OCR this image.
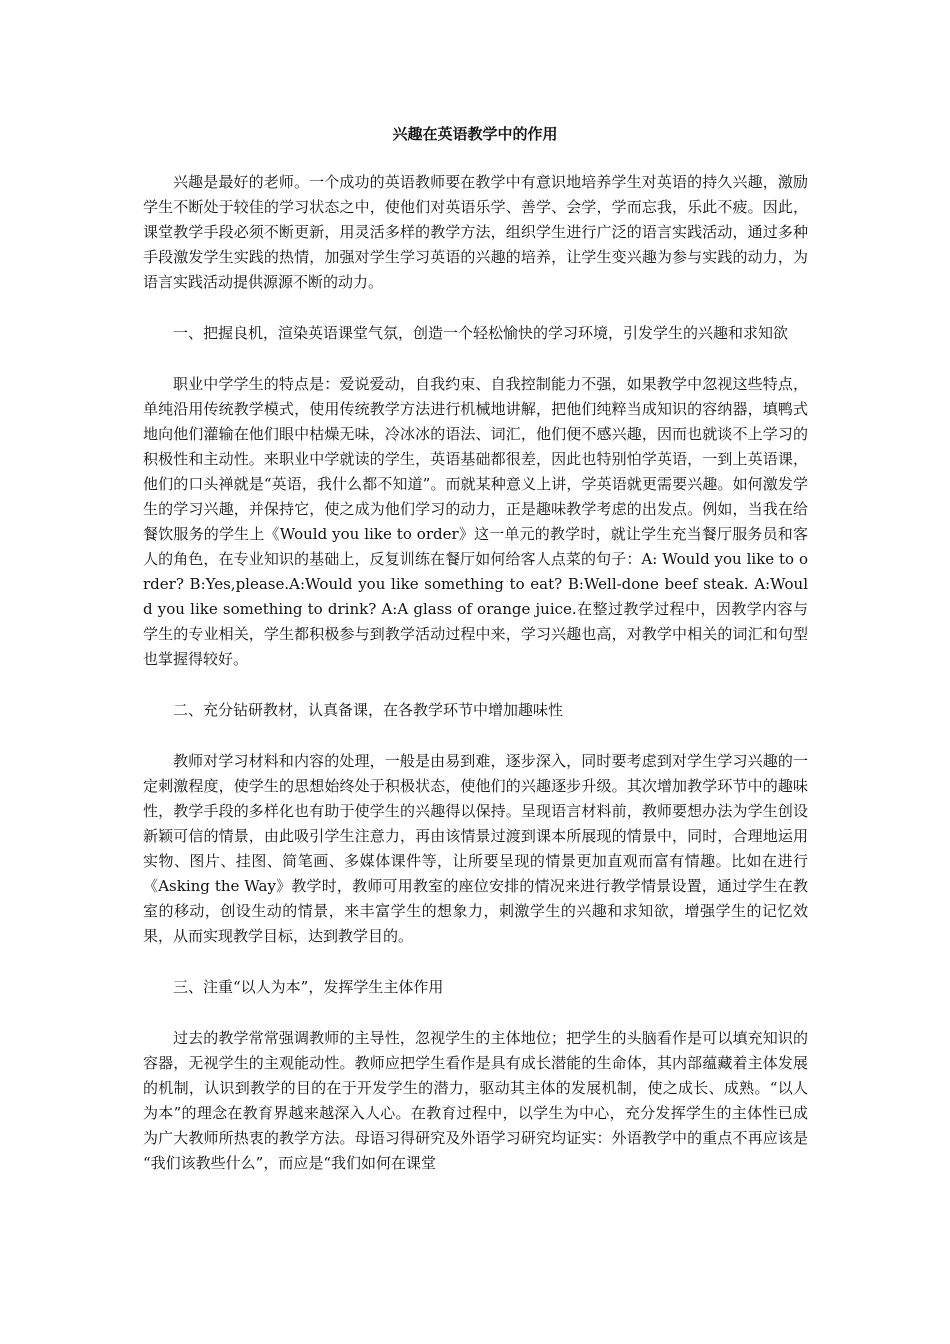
兴趣在英语教学中的作用

兴趣是最好的老师。一个成功的英语教师要在教学中有意识地培养学生对英语的持久兴趣，激励学生不断处于较佳的学习状态之中，使他们对英语乐学、善学、会学，学而忘我，乐此不疲。因此，课堂教学手段必须不断更新，用灵活多样的教学方法，组织学生进行广泛的语言实践活动，通过多种手段激发学生实践的热情，加强对学生学习英语的兴趣的培养，让学生变兴趣为参与实践的动力，为语言实践活动提供源源不断的动力。

一、把握良机，渲染英语课堂气氛，创造一个轻松愉快的学习环境，引发学生的兴趣和求知欲

职业中学学生的特点是：爱说爱动，自我约束、自我控制能力不强，如果教学中忽视这些特点，单纯沿用传统教学模式，使用传统教学方法进行机械地讲解，把他们纯粹当成知识的容纳器，填鸭式地向他们灌输在他们眼中枯燥无味，冷冰冰的语法、词汇，他们便不感兴趣，因而也就谈不上学习的积极性和主动性。来职业中学就读的学生，英语基础都很差，因此也特别怕学英语，一到上英语课，他们的口头禅就是“英语，我什么都不知道”。而就某种意义上讲，学英语就更需要兴趣。如何激发学生的学习兴趣，并保持它，使之成为他们学习的动力，正是趣味教学考虑的出发点。例如，当我在给餐饮服务的学生上《Would you like to order》这一单元的教学时，就让学生充当餐厅服务员和客人的角色，在专业知识的基础上，反复训练在餐厅如何给客人点菜的句子：A: Would you like to order? B:Yes,please.A:Would you like something to eat? B:Well-done beef steak. A:Would you like something to drink? A:A glass of orange juice.在整过教学过程中，因教学内容与学生的专业相关，学生都积极参与到教学活动过程中来，学习兴趣也高，对教学中相关的词汇和句型也掌握得较好。

二、充分钻研教材，认真备课，在各教学环节中增加趣味性

教师对学习材料和内容的处理，一般是由易到难，逐步深入，同时要考虑到对学生学习兴趣的一定刺激程度，使学生的思想始终处于积极状态，使他们的兴趣逐步升级。其次增加教学环节中的趣味性，教学手段的多样化也有助于使学生的兴趣得以保持。呈现语言材料前，教师要想办法为学生创设新颖可信的情景，由此吸引学生注意力，再由该情景过渡到课本所展现的情景中，同时，合理地运用实物、图片、挂图、简笔画、多媒体课件等，让所要呈现的情景更加直观而富有情趣。比如在进行《Asking the Way》教学时，教师可用教室的座位安排的情况来进行教学情景设置，通过学生在教室的移动，创设生动的情景，来丰富学生的想象力，刺激学生的兴趣和求知欲，增强学生的记忆效果，从而实现教学目标，达到教学目的。

三、注重“以人为本”，发挥学生主体作用

过去的教学常常强调教师的主导性，忽视学生的主体地位；把学生的头脑看作是可以填充知识的容器，无视学生的主观能动性。教师应把学生看作是具有成长潜能的生命体，其内部蕴藏着主体发展的机制，认识到教学的目的在于开发学生的潜力，驱动其主体的发展机制，使之成长、成熟。“以人为本”的理念在教育界越来越深入人心。在教育过程中，以学生为中心，充分发挥学生的主体性已成为广大教师所热衷的教学方法。母语习得研究及外语学习研究均证实：外语教学中的重点不再应该是 “我们该教些什么”，而应是“我们如何在课堂
